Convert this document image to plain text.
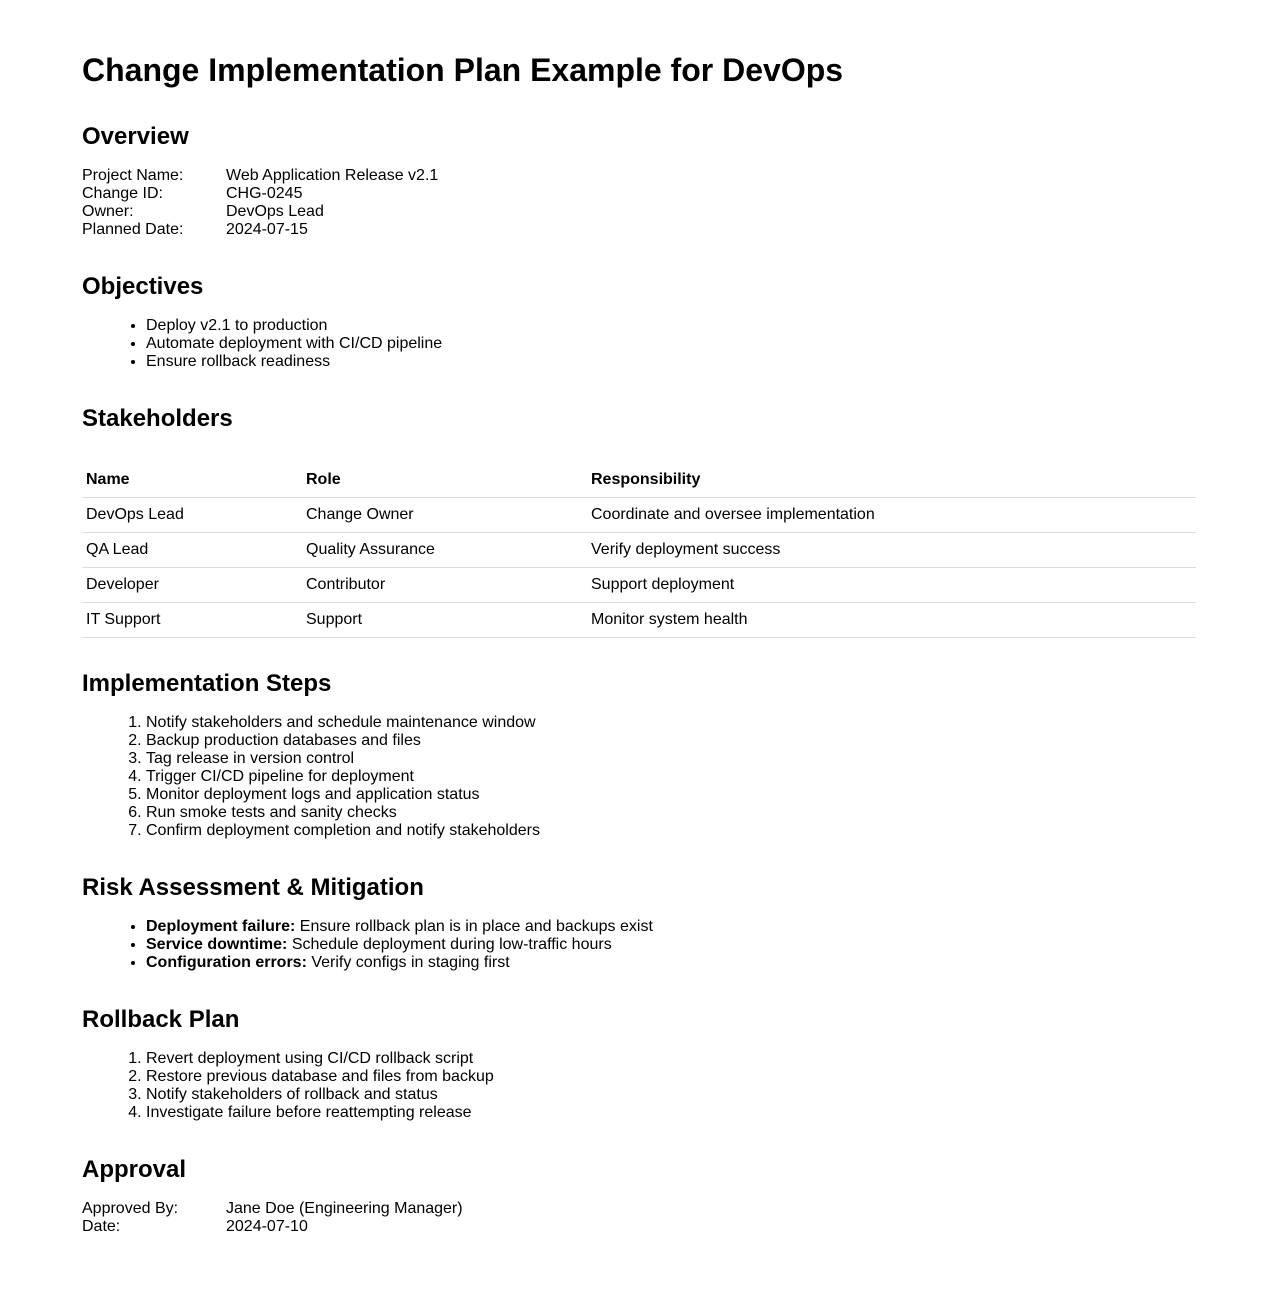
Change Implementation Plan Example for DevOps
Overview
Project Name:	Web Application Release v2.1
Change ID:	CHG-0245
Owner:	DevOps Lead
Planned Date:	2024-07-15
Objectives
• Deploy v2.1 to production
• Automate deployment with CI/CD pipeline
• Ensure rollback readiness
Stakeholders
Name	Role	Responsibility
DevOps Lead	Change Owner	Coordinate and oversee implementation
QA Lead	Quality Assurance	Verify deployment success
Developer	Contributor	Support deployment
IT Support	Support	Monitor system health
Implementation Steps
1. Notify stakeholders and schedule maintenance window
2. Backup production databases and files
3. Tag release in version control
4. Trigger CI/CD pipeline for deployment
5. Monitor deployment logs and application status
6. Run smoke tests and sanity checks
7. Confirm deployment completion and notify stakeholders
Risk Assessment & Mitigation
• Deployment failure: Ensure rollback plan is in place and backups exist
• Service downtime: Schedule deployment during low-traffic hours
• Configuration errors: Verify configs in staging first
Rollback Plan
1. Revert deployment using CI/CD rollback script
2. Restore previous database and files from backup
3. Notify stakeholders of rollback and status
4. Investigate failure before reattempting release
Approval
Approved By:	Jane Doe (Engineering Manager)
Date:	2024-07-10
